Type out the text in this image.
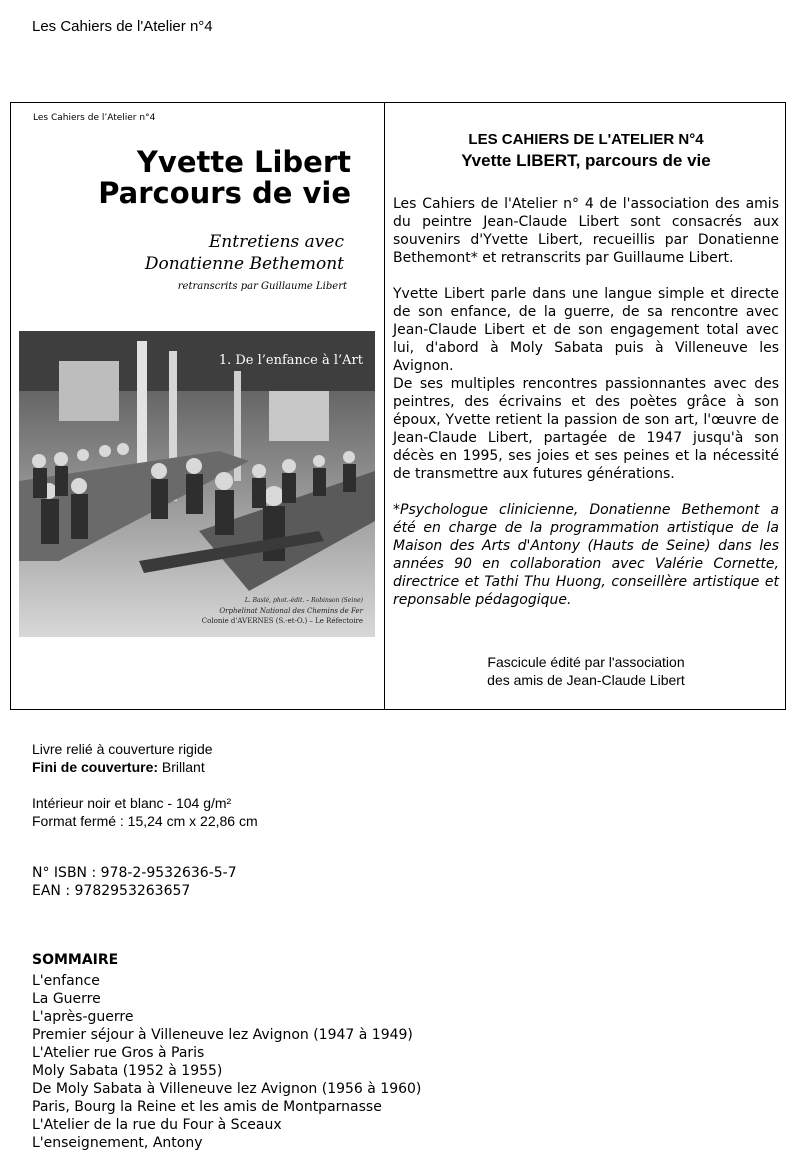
Les Cahiers de l'Atelier n°4
Les Cahiers de l’Atelier n°4
Yvette Libert
Parcours de vie
Entretiens avec
Donatienne Bethemont
retranscrits par Guillaume Libert
1. De l’enfance à l’Art
L. Baslé, phot.-édit. – Robinson (Seine)
Orphelinat National des Chemins de Fer
Colonie d'AVERNES (S.-et-O.) – Le Réfectoire
LES CAHIERS DE L'ATELIER N°4
Yvette LIBERT, parcours de vie
Les Cahiers de l'Atelier n° 4 de l'association des amis du peintre Jean-Claude Libert sont consacrés aux souvenirs d'Yvette Libert, recueillis par Donatienne Bethemont* et retranscrits par Guillaume Libert.
Yvette Libert parle dans une langue simple et directe de son enfance, de la guerre, de sa rencontre avec Jean-Claude Libert et de son engagement total avec lui, d'abord à Moly Sabata puis à Villeneuve les Avignon.
De ses multiples rencontres passionnantes avec des peintres, des écrivains et des poètes grâce à son époux, Yvette retient la passion de son art, l'œuvre de Jean-Claude Libert, partagée de 1947 jusqu'à son décès en 1995, ses joies et ses peines et la nécessité de transmettre aux futures générations.
*Psychologue clinicienne, Donatienne Bethemont a été en charge de la programmation artistique de la Maison des Arts d'Antony (Hauts de Seine) dans les années 90 en collaboration avec Valérie Cornette, directrice et Tathi Thu Huong, conseillère artistique et reponsable pédagogique.
Fascicule édité par l'association
des amis de Jean-Claude Libert
Livre relié à couverture rigide
Fini de couverture: Brillant
Intérieur noir et blanc - 104 g/m²
Format fermé : 15,24 cm x 22,86 cm
N° ISBN : 978-2-9532636-5-7
EAN : 9782953263657
SOMMAIRE
L'enfance
La Guerre
L'après-guerre
Premier séjour à Villeneuve lez Avignon (1947 à 1949)
L'Atelier rue Gros à Paris
Moly Sabata (1952 à 1955)
De Moly Sabata à Villeneuve lez Avignon (1956 à 1960)
Paris, Bourg la Reine et les amis de Montparnasse
L'Atelier de la rue du Four à Sceaux
L'enseignement, Antony
